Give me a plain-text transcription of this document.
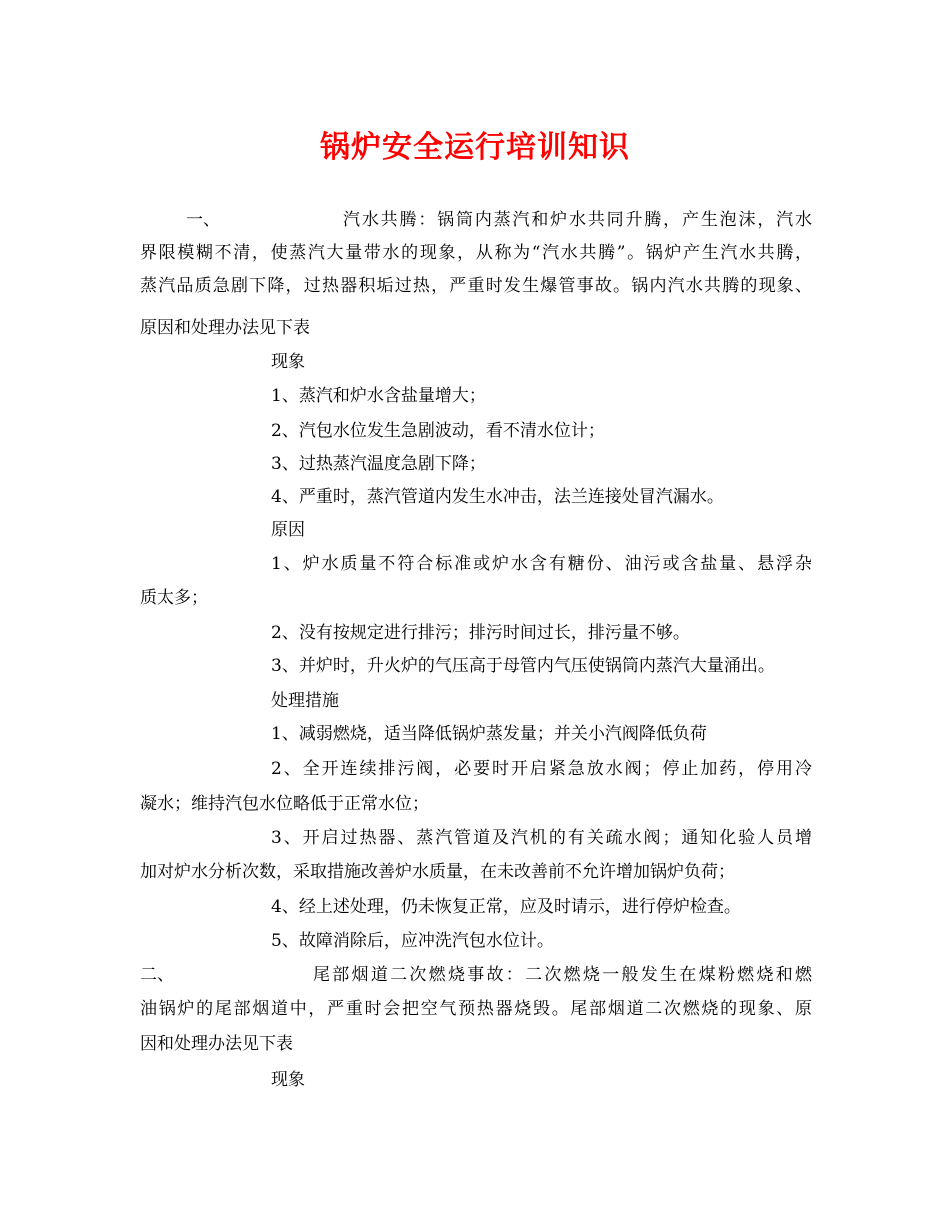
锅炉安全运行培训知识
一、	汽水共腾：锅筒内蒸汽和炉水共同升腾，产生泡沫，汽水
界限模糊不清，使蒸汽大量带水的现象，从称为“汽水共腾”。锅炉产生汽水共腾，
蒸汽品质急剧下降，过热器积垢过热，严重时发生爆管事故。锅内汽水共腾的现象、
原因和处理办法见下表
现象
1、蒸汽和炉水含盐量增大；
2、汽包水位发生急剧波动，看不清水位计；
3、过热蒸汽温度急剧下降；
4、严重时，蒸汽管道内发生水冲击，法兰连接处冒汽漏水。
原因
1、炉水质量不符合标准或炉水含有糖份、油污或含盐量、悬浮杂
质太多；
2、没有按规定进行排污；排污时间过长，排污量不够。
3、并炉时，升火炉的气压高于母管内气压使锅筒内蒸汽大量涌出。
处理措施
1、减弱燃烧，适当降低锅炉蒸发量；并关小汽阀降低负荷
2、全开连续排污阀，必要时开启紧急放水阀；停止加药，停用冷
凝水；维持汽包水位略低于正常水位；
3、开启过热器、蒸汽管道及汽机的有关疏水阀；通知化验人员增
加对炉水分析次数，采取措施改善炉水质量，在未改善前不允许增加锅炉负荷；
4、经上述处理，仍未恢复正常，应及时请示，进行停炉检查。
5、故障消除后，应冲洗汽包水位计。
二、	尾部烟道二次燃烧事故：二次燃烧一般发生在煤粉燃烧和燃
油锅炉的尾部烟道中，严重时会把空气预热器烧毁。尾部烟道二次燃烧的现象、原
因和处理办法见下表
现象
